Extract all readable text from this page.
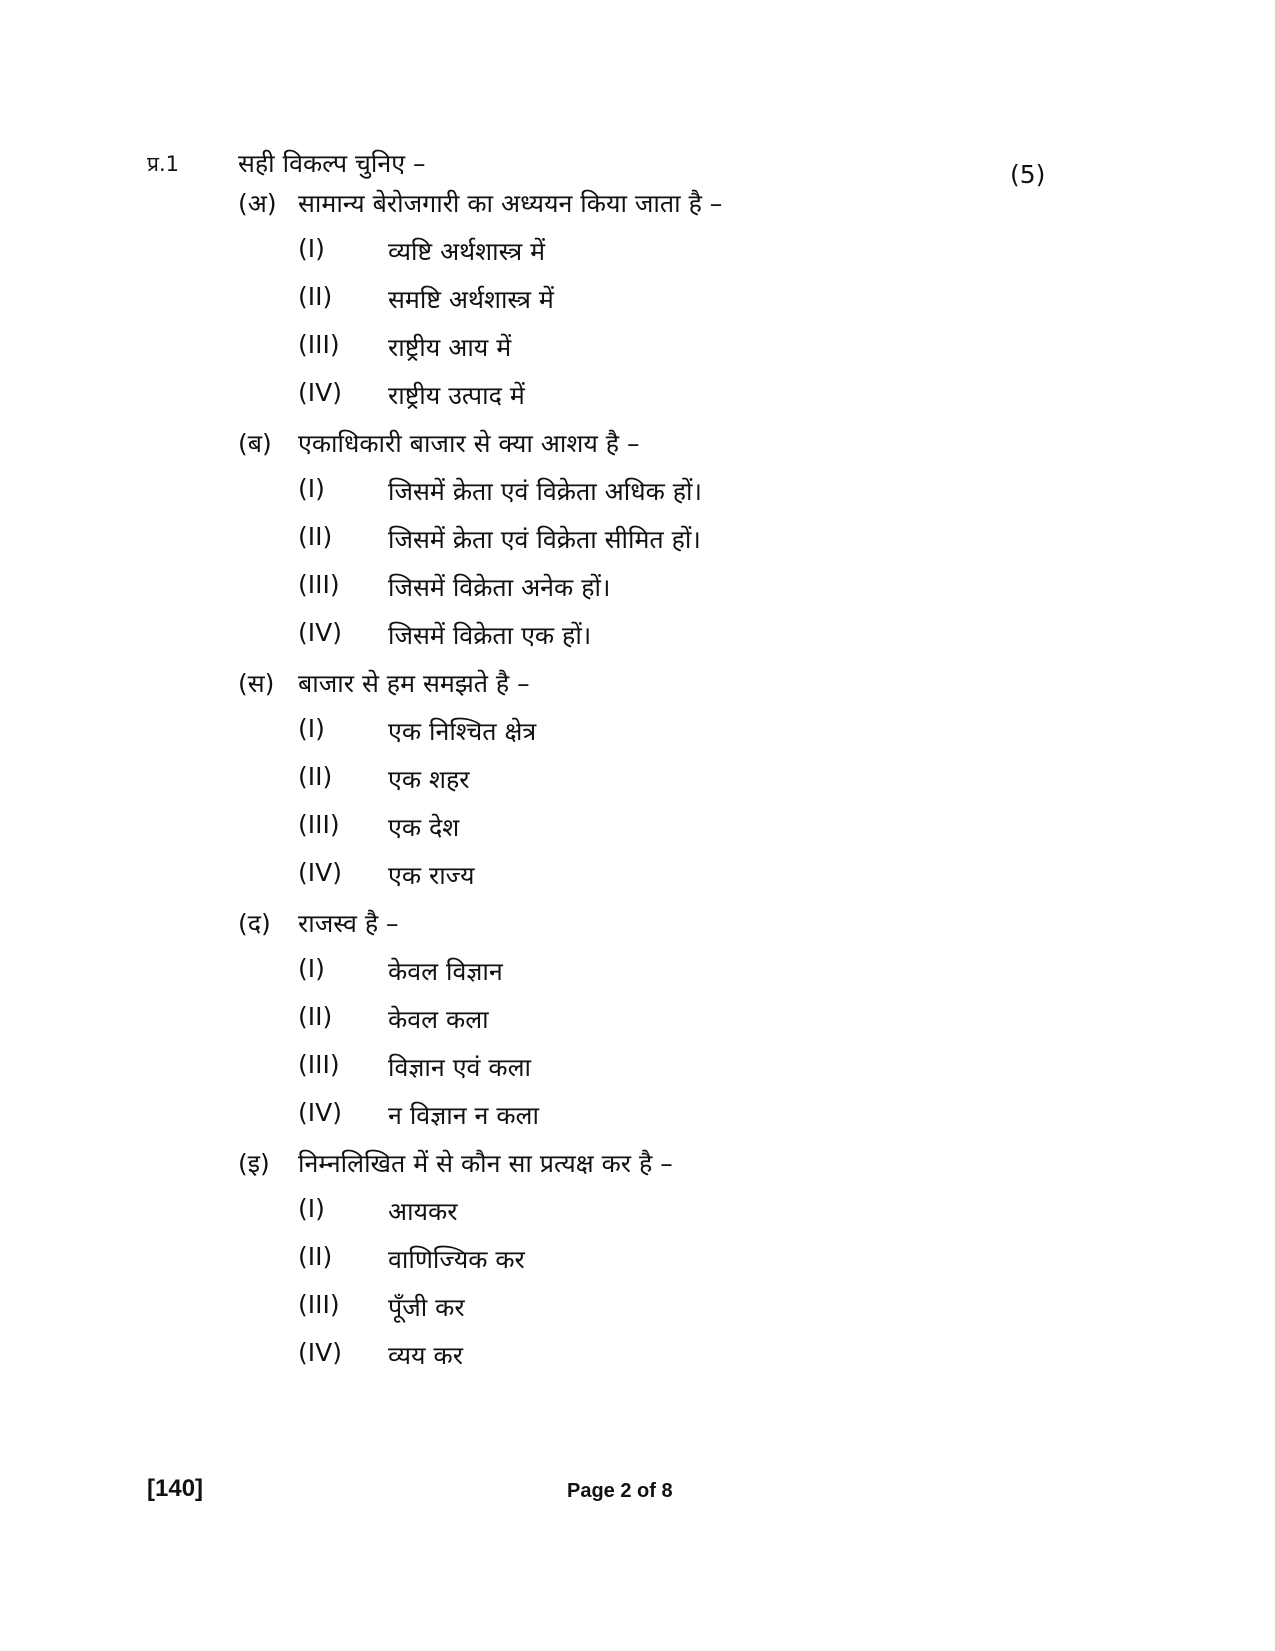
प्र.1 सही विकल्प चुनिए –	(5)
(अ) सामान्य बेरोजगारी का अध्ययन किया जाता है –
(I)	व्यष्टि अर्थशास्त्र में
(II) समष्टि अर्थशास्त्र में
(III) राष्ट्रीय आय में
(IV) राष्ट्रीय उत्पाद में
(ब) एकाधिकारी बाजार से क्या आशय है –
(I)	जिसमें क्रेता एवं विक्रेता अधिक हों।
(II) जिसमें क्रेता एवं विक्रेता सीमित हों।
(III) जिसमें विक्रेता अनेक हों।
(IV) जिसमें विक्रेता एक हों।
(स) बाजार से हम समझते है –
(I)	एक निश्चित क्षेत्र
(II) एक शहर
(III) एक देश
(IV) एक राज्य
(द) राजस्व है –
(I)	केवल विज्ञान
(II) केवल कला
(III) विज्ञान एवं कला
(IV) न विज्ञान न कला
(इ) निम्नलिखित में से कौन सा प्रत्यक्ष कर है –
(I)	आयकर
(II) वाणिज्यिक कर
(III) पूँजी कर
(IV) व्यय कर
[140]	Page 2 of 8
